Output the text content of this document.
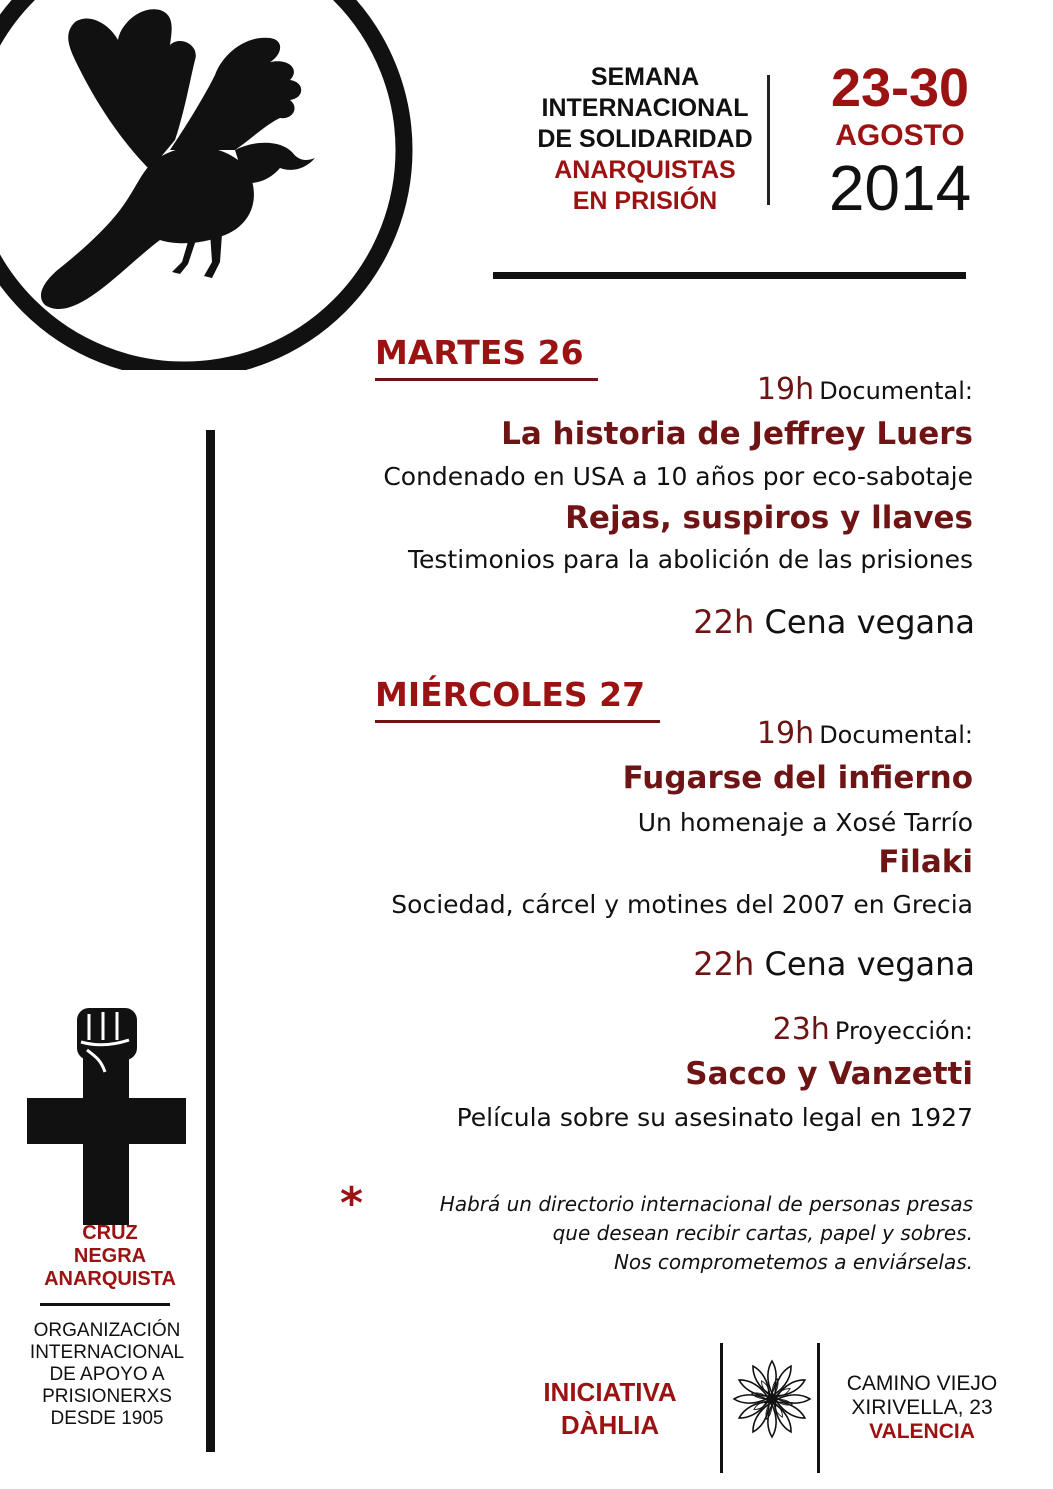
SEMANA
INTERNACIONAL
DE SOLIDARIDAD
ANARQUISTAS
EN PRISIÓN
23-30
AGOSTO
2014
MARTES 26
19h Documental:
La historia de Jeffrey Luers
Condenado en USA a 10 años por eco-sabotaje
Rejas, suspiros y llaves
Testimonios para la abolición de las prisiones
22h Cena vegana
MIÉRCOLES 27
19h Documental:
Fugarse del infierno
Un homenaje a Xosé Tarrío
Filaki
Sociedad, cárcel y motines del 2007 en Grecia
22h Cena vegana
23h Proyección:
Sacco y Vanzetti
Película sobre su asesinato legal en 1927
*	Habrá un directorio internacional de personas presas
que desean recibir cartas, papel y sobres.
Nos comprometemos a enviárselas.
CRUZ
NEGRA
ANARQUISTA
ORGANIZACIÓN
INTERNACIONAL
DE APOYO A
PRISIONERXS
DESDE 1905
INICIATIVA
DÀHLIA
CAMINO VIEJO
XIRIVELLA, 23
VALENCIA
